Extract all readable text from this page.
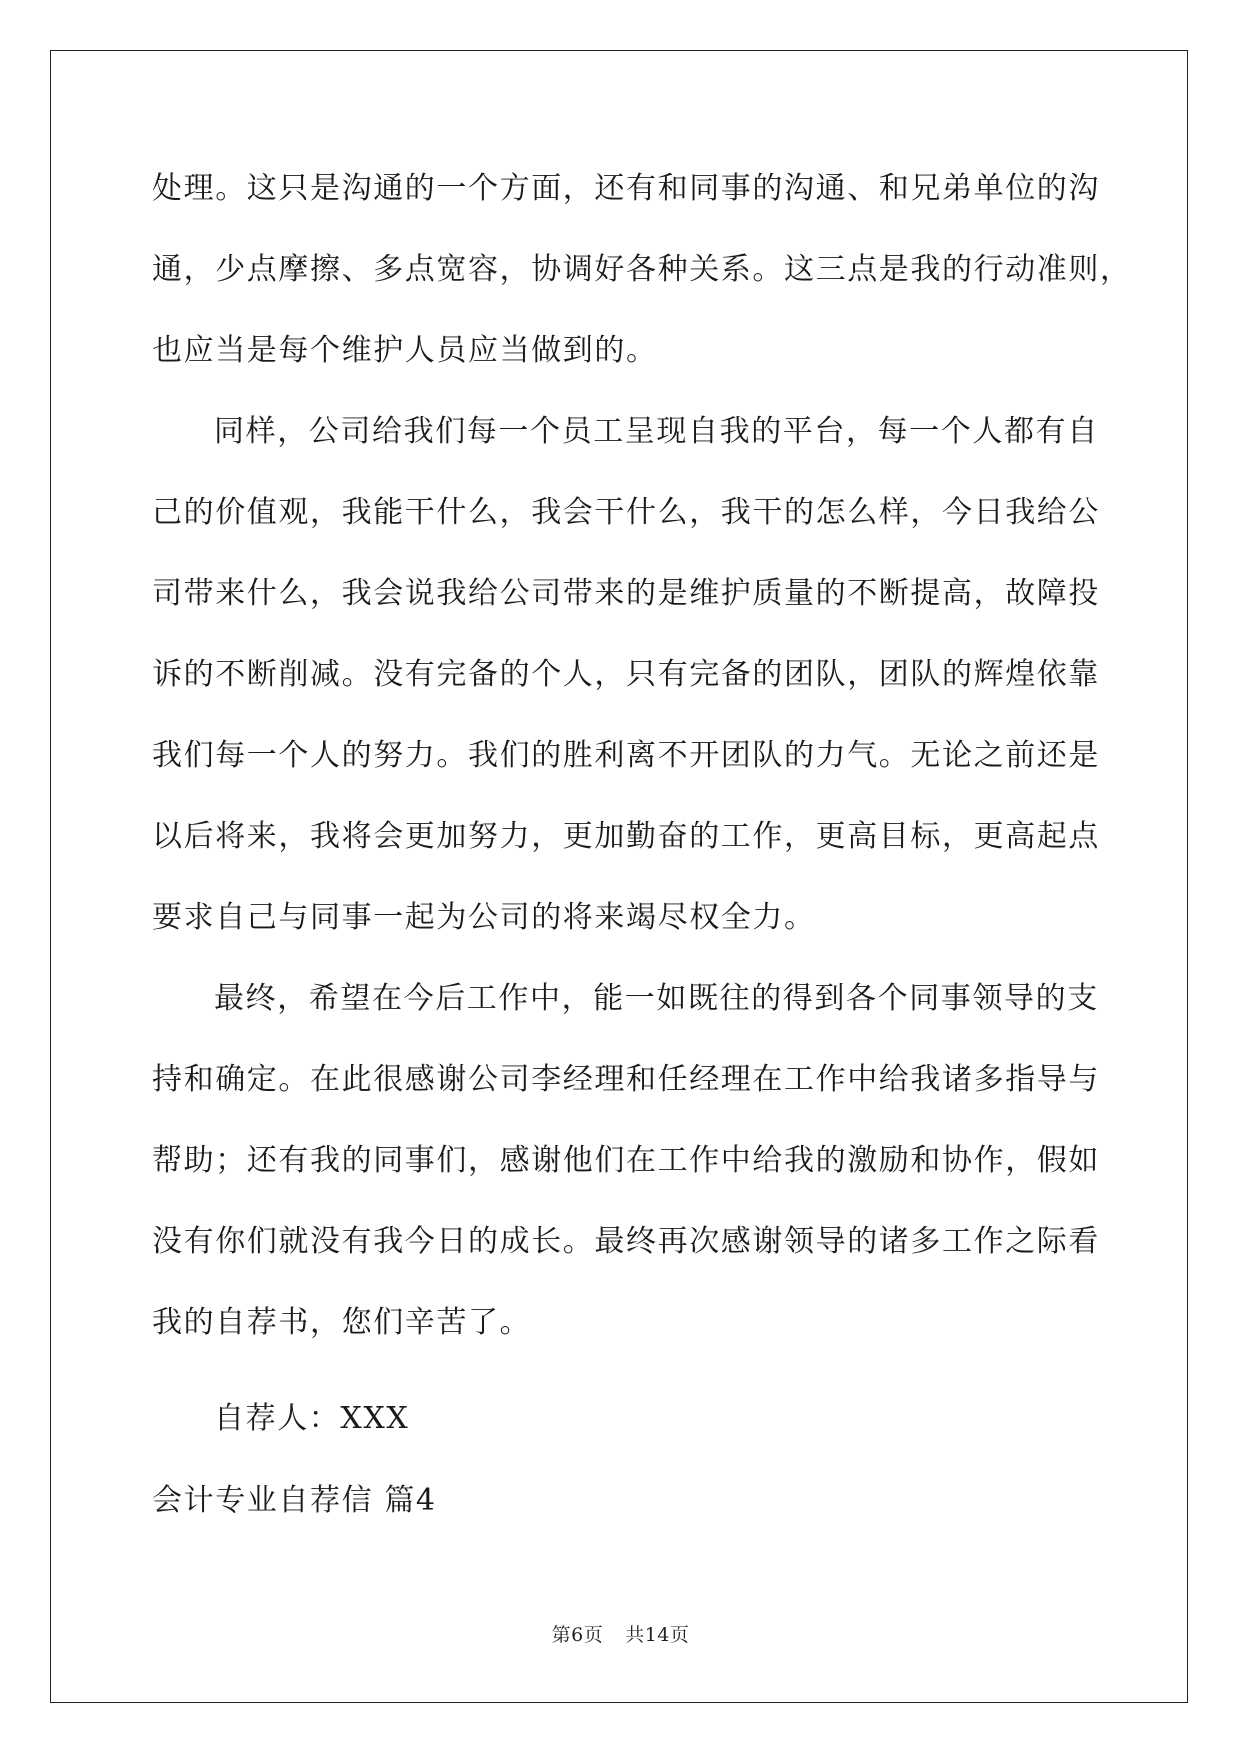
处理。这只是沟通的一个方面，还有和同事的沟通、和兄弟单位的沟
通，少点摩擦、多点宽容，协调好各种关系。这三点是我的行动准则，
也应当是每个维护人员应当做到的。
同样，公司给我们每一个员工呈现自我的平台，每一个人都有自
己的价值观，我能干什么，我会干什么，我干的怎么样，今日我给公
司带来什么，我会说我给公司带来的是维护质量的不断提高，故障投
诉的不断削减。没有完备的个人，只有完备的团队，团队的辉煌依靠
我们每一个人的努力。我们的胜利离不开团队的力气。无论之前还是
以后将来，我将会更加努力，更加勤奋的工作，更高目标，更高起点
要求自己与同事一起为公司的将来竭尽权全力。
最终，希望在今后工作中，能一如既往的得到各个同事领导的支
持和确定。在此很感谢公司李经理和任经理在工作中给我诸多指导与
帮助；还有我的同事们，感谢他们在工作中给我的激励和协作，假如
没有你们就没有我今日的成长。最终再次感谢领导的诸多工作之际看
我的自荐书，您们辛苦了。
自荐人：XXX
会计专业自荐信 篇4
第6页 共14页
